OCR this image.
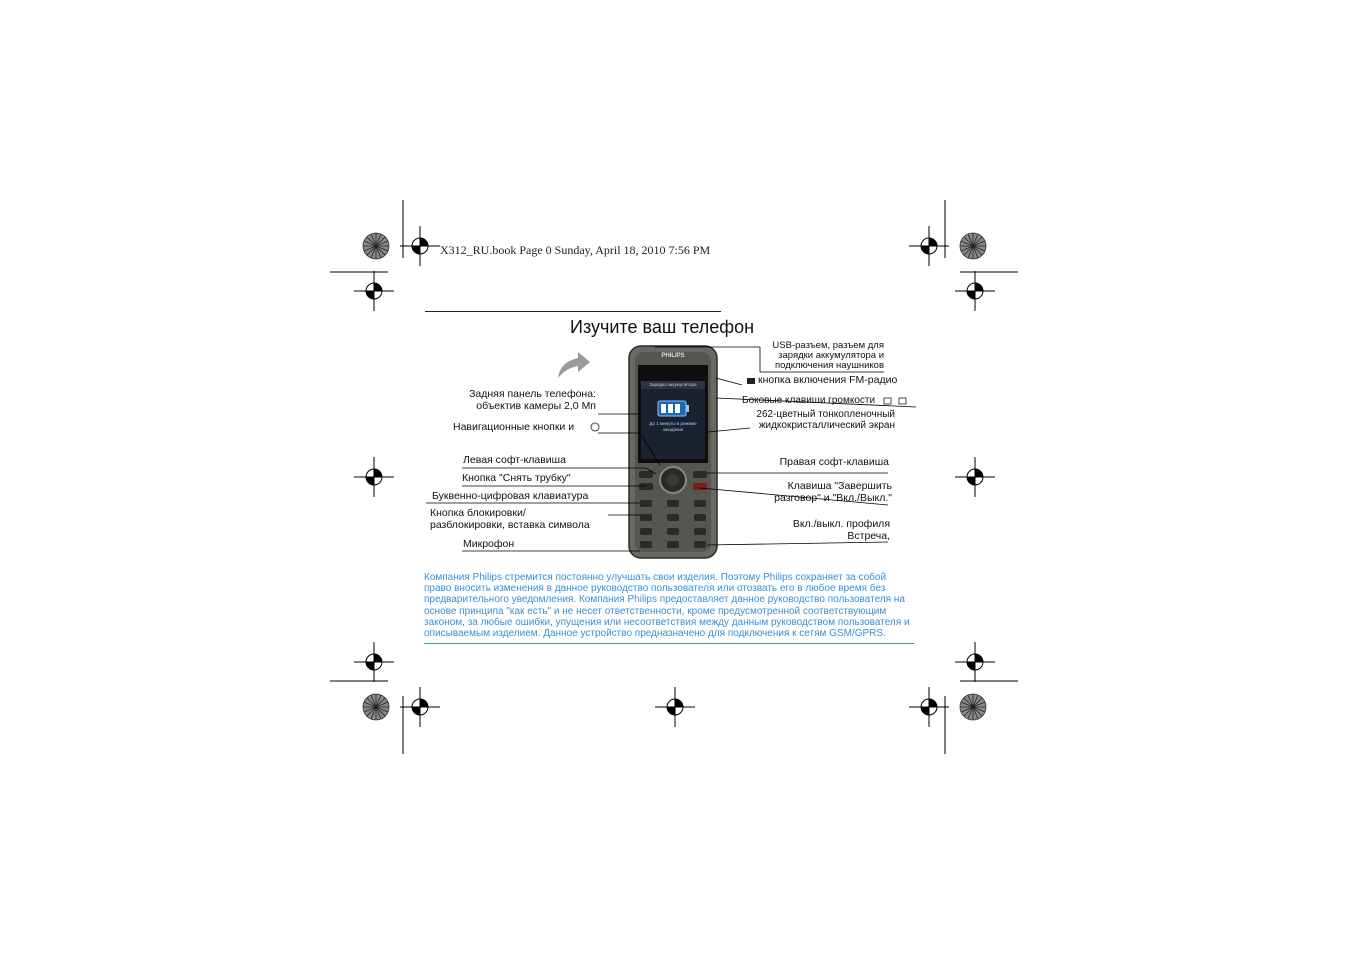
PHILIPS
Зарядка аккумулятора
До 1 минуты в режиме ожидания
X312_RU.book Page 0 Sunday, April 18, 2010 7:56 PM
Изучите ваш телефон
Задняя панель телефона:
объектив камеры 2,0 Мп
Навигационные кнопки и
Левая софт-клавиша
Кнопка "Снять трубку"
Буквенно-цифровая клавиатура
Кнопка блокировки/
разблокировки, вставка символа
Микрофон
USB-разъем, разъем для
зарядки аккумулятора и
подключения наушников
кнопка включения FM-радио
Боковые клавиши громкости
262-цветный тонкопленочный
жидкокристаллический экран
Правая софт-клавиша
Клавиша "Завершить
разговор" и "Вкл./Выкл."
Вкл./выкл. профиля
Встреча,
Компания Philips стремится постоянно улучшать свои изделия. Поэтому Philips сохраняет за собой право вносить изменения в данное руководство пользователя или отозвать его в любое время без предварительного уведомления. Компания Philips предоставляет данное руководство пользователя на основе принципа "как есть" и не несет ответственности, кроме предусмотренной соответствующим законом, за любые ошибки, упущения или несоответствия между данным руководством пользователя и описываемым изделием. Данное устройство предназначено для подключения к сетям GSM/GPRS.
